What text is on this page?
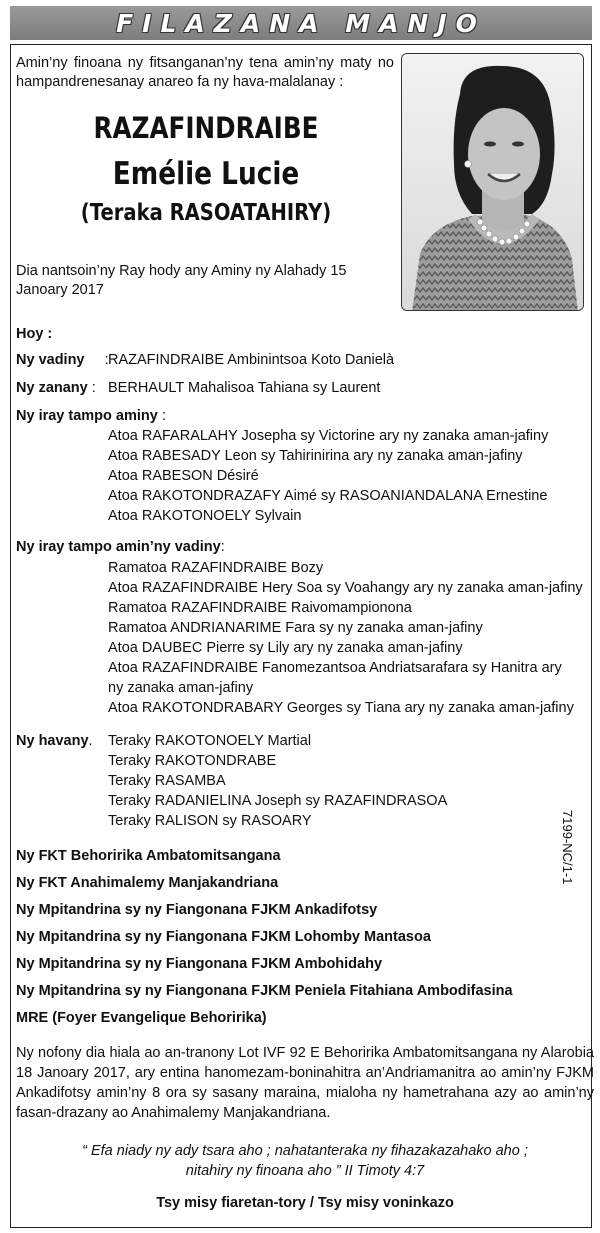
FILAZANA MANJO

Amin’ny finoana ny fitsanganan’ny tena amin’ny maty no hampandrenesanay anareo fa ny hava-malalanay :

RAZAFINDRAIBE
Emélie Lucie
(Teraka RASOATAHIRY)

Dia nantsoin’ny Ray hody any Aminy ny Alahady 15 Janoary 2017

Hoy :
Ny vadiny : RAZAFINDRAIBE Ambinintsoa Koto Danielà
Ny zanany : BERHAULT Mahalisoa Tahiana sy Laurent
Ny iray tampo aminy :
Atoa RAFARALAHY Josepha sy Victorine ary ny zanaka aman-jafiny
Atoa RABESADY Leon sy Tahirinirina ary ny zanaka aman-jafiny
Atoa RABESON Désiré
Atoa RAKOTONDRAZAFY Aimé sy RASOANIANDALANA Ernestine
Atoa RAKOTONOELY Sylvain
Ny iray tampo amin’ny vadiny:
Ramatoa RAZAFINDRAIBE Bozy
Atoa RAZAFINDRAIBE Hery Soa sy Voahangy ary ny zanaka aman-jafiny
Ramatoa RAZAFINDRAIBE Raivomampionona
Ramatoa ANDRIANARIME Fara sy ny zanaka aman-jafiny
Atoa DAUBEC Pierre sy Lily ary ny zanaka aman-jafiny
Atoa RAZAFINDRAIBE Fanomezantsoa Andriatsarafara sy Hanitra ary
ny zanaka aman-jafiny
Atoa RAKOTONDRABARY Georges sy Tiana ary ny zanaka aman-jafiny
Ny havany. Teraky RAKOTONOELY Martial
Teraky RAKOTONDRABE
Teraky RASAMBA
Teraky RADANIELINA Joseph sy RAZAFINDRASOA
Teraky RALISON sy RASOARY
Ny FKT Behoririka Ambatomitsangana
Ny FKT Anahimalemy Manjakandriana
Ny Mpitandrina sy ny Fiangonana FJKM Ankadifotsy
Ny Mpitandrina sy ny Fiangonana FJKM Lohomby Mantasoa
Ny Mpitandrina sy ny Fiangonana FJKM Ambohidahy
Ny Mpitandrina sy ny Fiangonana FJKM Peniela Fitahiana Ambodifasina
MRE (Foyer Evangelique Behoririka)

Ny nofony dia hiala ao an-tranony Lot IVF 92 E Behoririka Ambatomitsangana ny Alarobia 18 Janoary 2017, ary entina hanomezam-boninahitra an’Andriamanitra ao amin’ny FJKM Ankadifotsy amin’ny 8 ora sy sasany maraina, mialoha ny hametrahana azy ao amin’ny fasan-drazany ao Anahimalemy Manjakandriana.

“ Efa niady ny ady tsara aho ; nahatanteraka ny fihazakazahako aho ;
nitahiry ny finoana aho ” II Timoty 4:7
Tsy misy fiaretan-tory / Tsy misy voninkazo
7199-NC/1-1
